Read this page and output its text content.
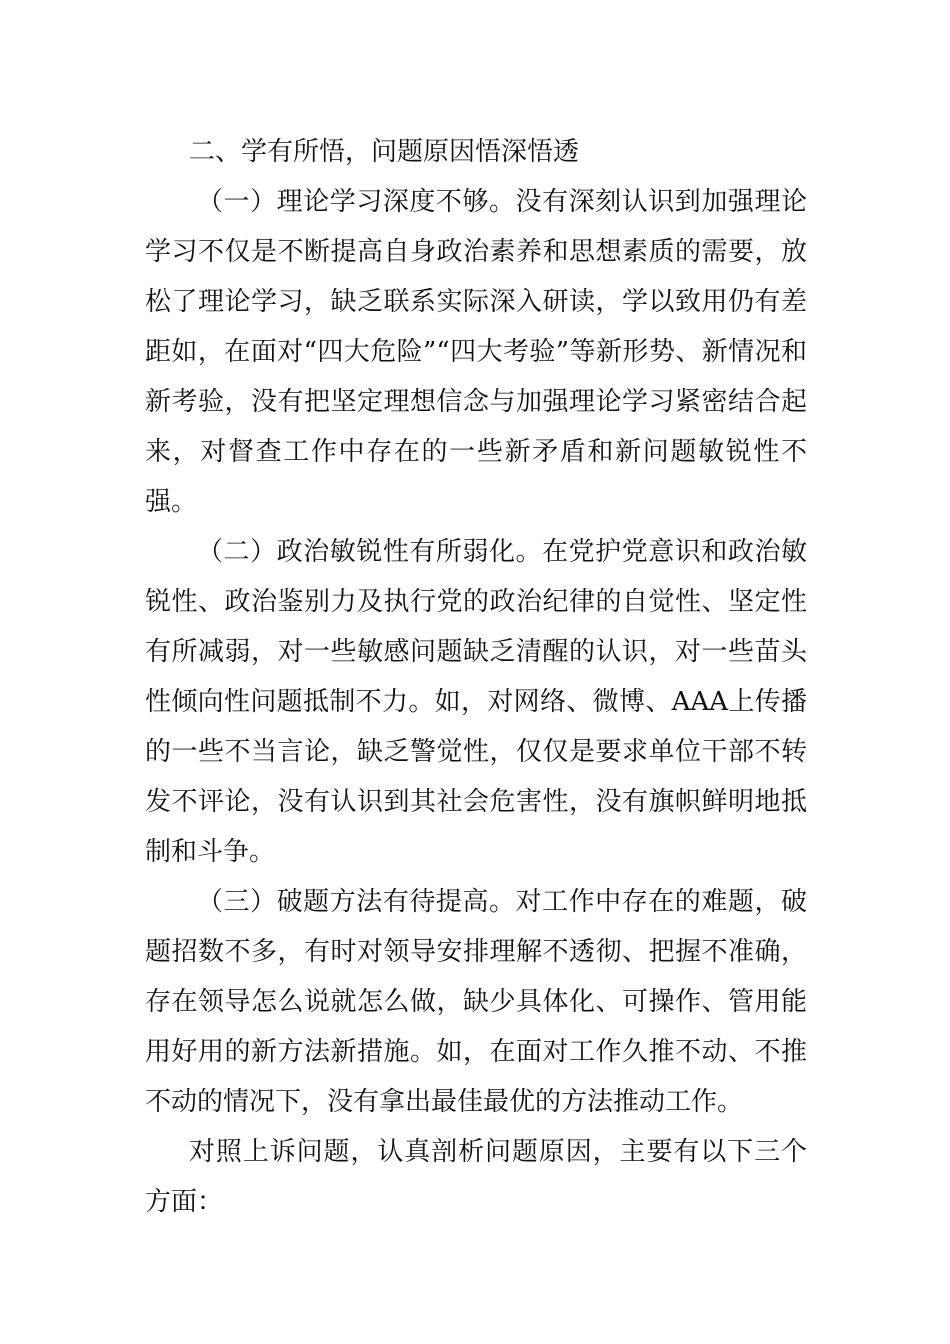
二、学有所悟，问题原因悟深悟透

（一）理论学习深度不够。没有深刻认识到加强理论学习不仅是不断提高自身政治素养和思想素质的需要，放松了理论学习，缺乏联系实际深入研读，学以致用仍有差距如，在面对“四大危险”“四大考验”等新形势、新情况和新考验，没有把坚定理想信念与加强理论学习紧密结合起来，对督查工作中存在的一些新矛盾和新问题敏锐性不强。

（二）政治敏锐性有所弱化。在党护党意识和政治敏锐性、政治鉴别力及执行党的政治纪律的自觉性、坚定性有所减弱，对一些敏感问题缺乏清醒的认识，对一些苗头性倾向性问题抵制不力。如，对网络、微博、AAA上传播的一些不当言论，缺乏警觉性，仅仅是要求单位干部不转发不评论，没有认识到其社会危害性，没有旗帜鲜明地抵制和斗争。

（三）破题方法有待提高。对工作中存在的难题，破题招数不多，有时对领导安排理解不透彻、把握不准确，存在领导怎么说就怎么做，缺少具体化、可操作、管用能用好用的新方法新措施。如，在面对工作久推不动、不推不动的情况下，没有拿出最佳最优的方法推动工作。

对照上诉问题，认真剖析问题原因，主要有以下三个方面：
